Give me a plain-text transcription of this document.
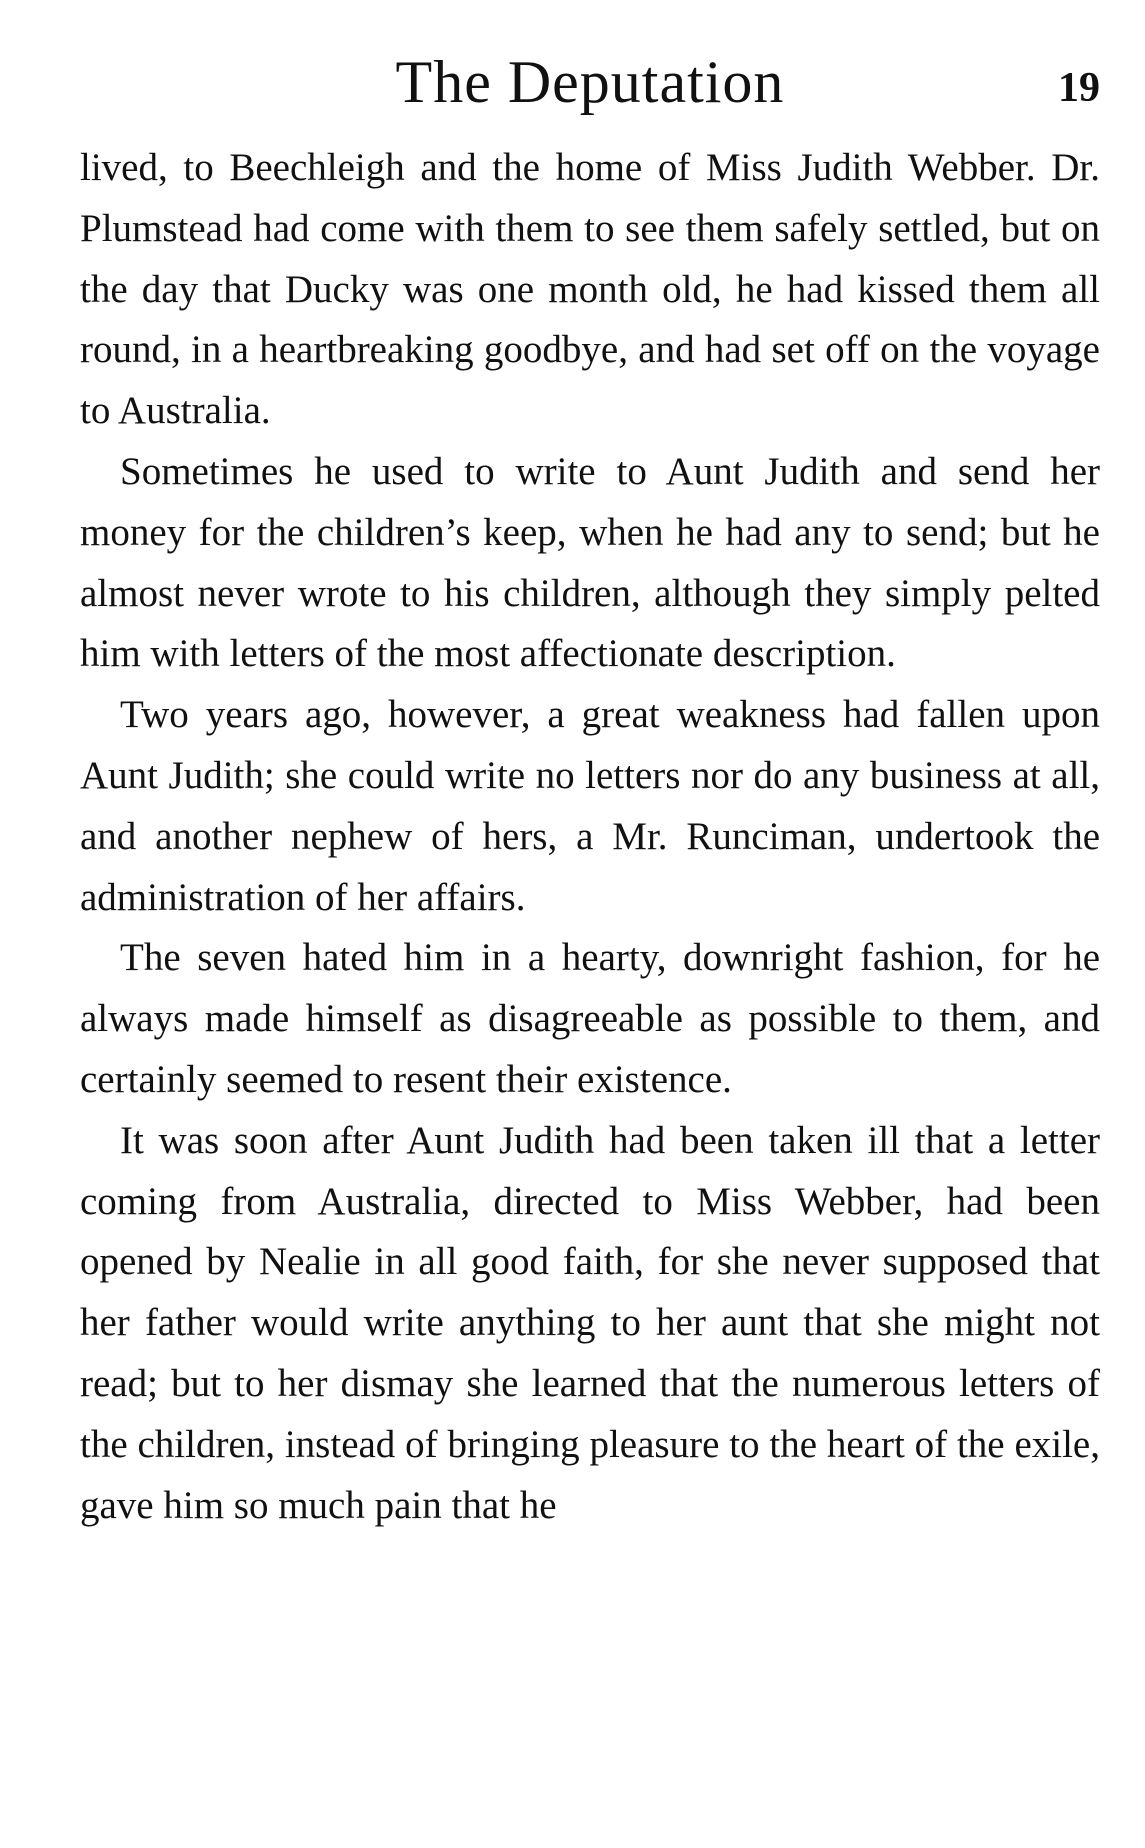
The Deputation	19

lived, to Beechleigh and the home of Miss Judith Webber. Dr. Plumstead had come with them to see them safely settled, but on the day that Ducky was one month old, he had kissed them all round, in a heartbreaking goodbye, and had set off on the voyage to Australia.

Sometimes he used to write to Aunt Judith and send her money for the children’s keep, when he had any to send; but he almost never wrote to his children, although they simply pelted him with letters of the most affectionate description.

Two years ago, however, a great weakness had fallen upon Aunt Judith; she could write no letters nor do any business at all, and another nephew of hers, a Mr. Runciman, undertook the administration of her affairs.

The seven hated him in a hearty, downright fashion, for he always made himself as disagreeable as possible to them, and certainly seemed to resent their existence.

It was soon after Aunt Judith had been taken ill that a letter coming from Australia, directed to Miss Webber, had been opened by Nealie in all good faith, for she never supposed that her father would write anything to her aunt that she might not read; but to her dismay she learned that the numerous letters of the children, instead of bringing pleasure to the heart of the exile, gave him so much pain that he
